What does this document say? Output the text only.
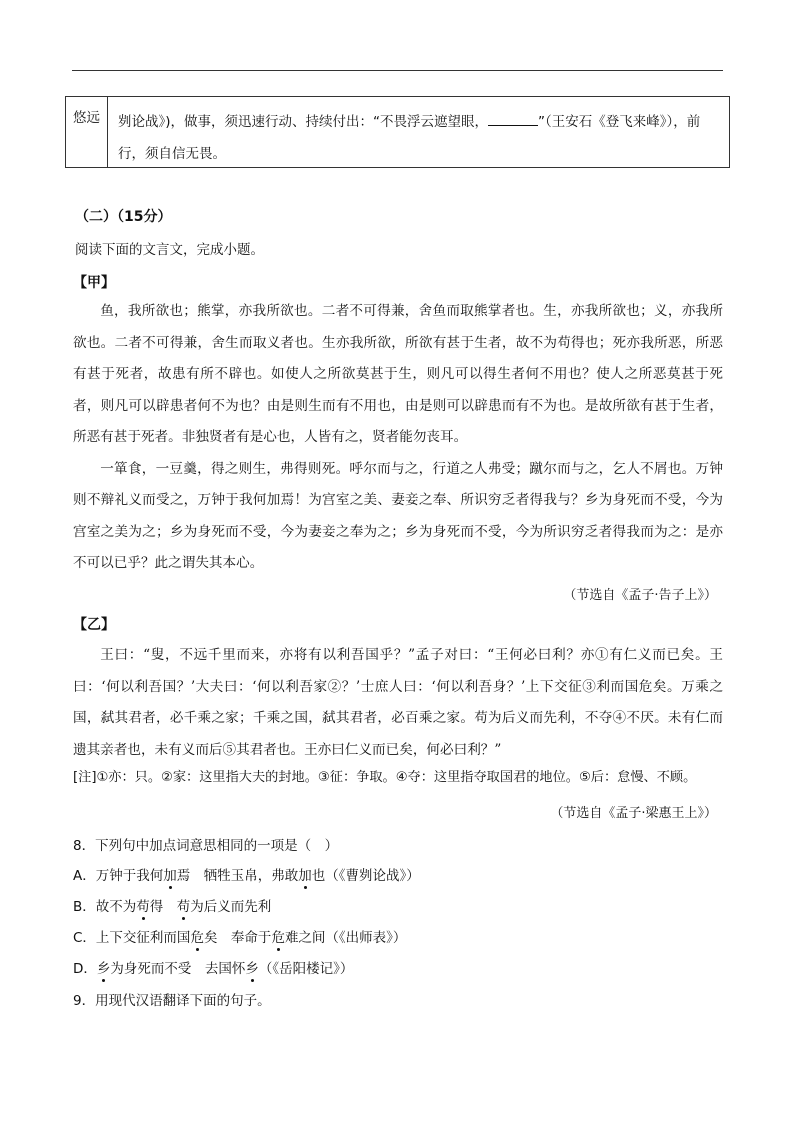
悠远	刿论战》)，做事，须迅速行动、持续付出：“不畏浮云遮望眼，	”（王安石《登飞来峰》），前行，须自信无畏。
（二）（15分）
阅读下面的文言文，完成小题。
【甲】

鱼，我所欲也；熊掌，亦我所欲也。二者不可得兼，舍鱼而取熊掌者也。生，亦我所欲也；义，亦我所欲也。二者不可得兼，舍生而取义者也。生亦我所欲，所欲有甚于生者，故不为苟得也；死亦我所恶，所恶有甚于死者，故患有所不辟也。如使人之所欲莫甚于生，则凡可以得生者何不用也？使人之所恶莫甚于死者，则凡可以辟患者何不为也？由是则生而有不用也，由是则可以辟患而有不为也。是故所欲有甚于生者，所恶有甚于死者。非独贤者有是心也，人皆有之，贤者能勿丧耳。

一箪食，一豆羹，得之则生，弗得则死。呼尔而与之，行道之人弗受；蹴尔而与之，乞人不屑也。万钟则不辩礼义而受之，万钟于我何加焉！为宫室之美、妻妾之奉、所识穷乏者得我与？乡为身死而不受，今为宫室之美为之；乡为身死而不受，今为妻妾之奉为之；乡为身死而不受，今为所识穷乏者得我而为之：是亦不可以已乎？此之谓失其本心。

（节选自《孟子·告子上》）
【乙】

王曰：“叟，不远千里而来，亦将有以利吾国乎？”孟子对曰：“王何必曰利？亦①有仁义而已矣。王曰：‘何以利吾国？’大夫曰：‘何以利吾家②？’士庶人曰：‘何以利吾身？’上下交征③利而国危矣。万乘之国，弑其君者，必千乘之家；千乘之国，弑其君者，必百乘之家。苟为后义而先利，不夺④不厌。未有仁而遗其亲者也，未有义而后⑤其君者也。王亦曰仁义而已矣，何必曰利？”

[注]①亦：只。②家：这里指大夫的封地。③征：争取。④夺：这里指夺取国君的地位。⑤后：怠慢、不顾。
（节选自《孟子·梁惠王上》）
8．下列句中加点词意思相同的一项是（　）
A．万钟于我何加焉　牺牲玉帛，弗敢加也（《曹刿论战》）
B．故不为苟得　苟为后义而先利
C．上下交征利而国危矣　奉命于危难之间（《出师表》）
D．乡为身死而不受　去国怀乡（《岳阳楼记》）
9．用现代汉语翻译下面的句子。
